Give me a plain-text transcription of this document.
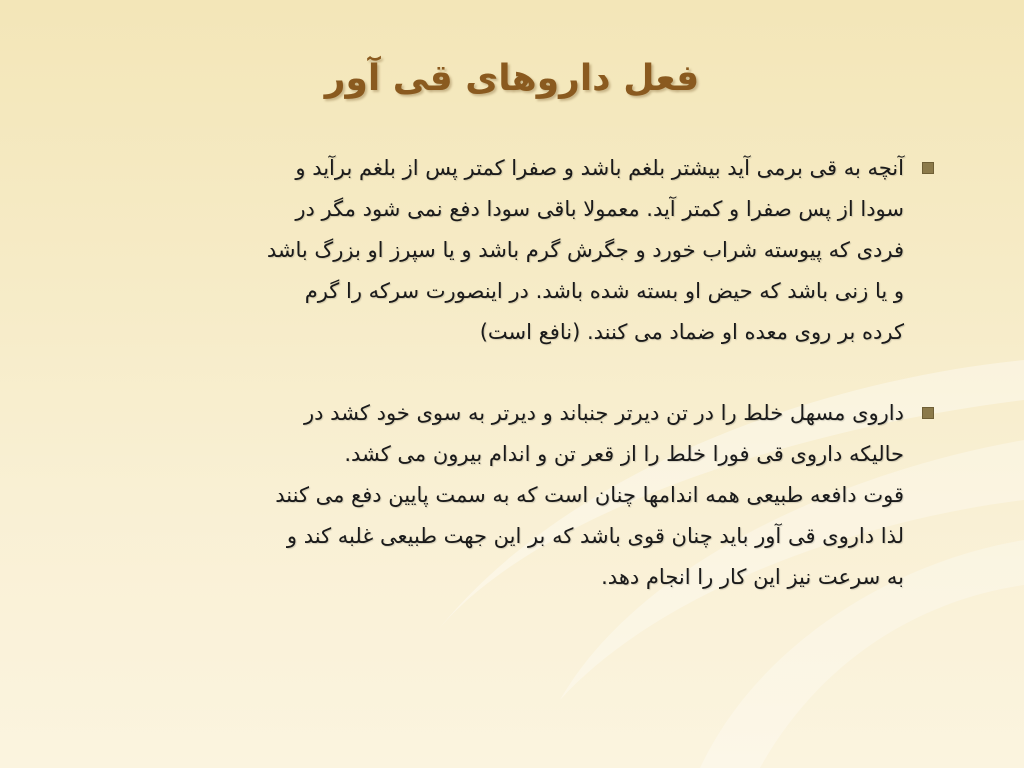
فعل داروهای قی آور
آنچه به قی برمی آید بیشتر بلغم باشد و صفرا کمتر پس از بلغم برآید و
سودا از پس صفرا و کمتر آید. معمولا باقی سودا دفع نمی شود مگر در
فردی که پیوسته شراب خورد و جگرش گرم باشد و یا سپرز او بزرگ باشد
و یا زنی باشد که حیض او بسته شده باشد. در اینصورت سرکه را گرم
کرده بر روی معده او ضماد می کنند. (نافع است)
داروی مسهل خلط را در تن دیرتر جنباند و دیرتر به سوی خود کشد در
حالیکه داروی قی فورا خلط را از قعر تن و اندام بیرون می کشد.
قوت دافعه طبیعی همه اندامها چنان است که به سمت پایین دفع می کنند
لذا داروی قی آور باید چنان قوی باشد که بر این جهت طبیعی غلبه کند و
به سرعت نیز این کار را انجام دهد.
